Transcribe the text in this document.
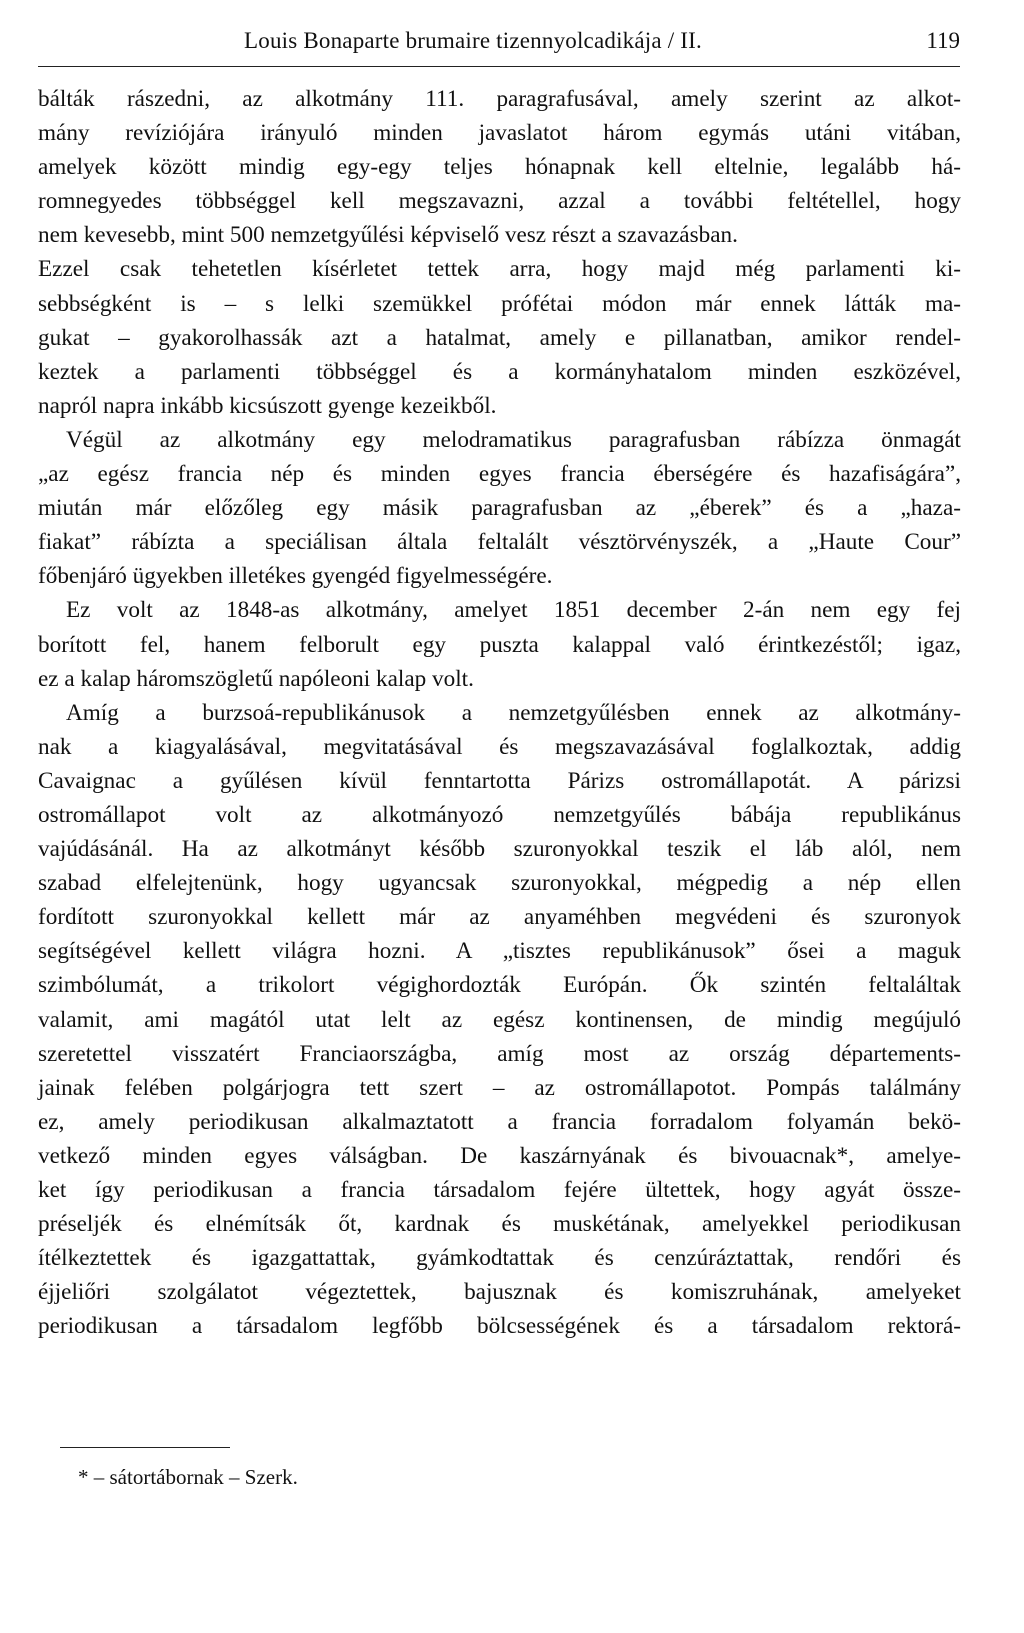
Louis Bonaparte brumaire tizennyolcadikája / II.	119
bálták rászedni, az alkotmány 111. paragrafusával, amely szerint az alkot-
mány revíziójára irányuló minden javaslatot három egymás utáni vitában,
amelyek között mindig egy-egy teljes hónapnak kell eltelnie, legalább há-
romnegyedes többséggel kell megszavazni, azzal a további feltétellel, hogy
nem kevesebb, mint 500 nemzetgyűlési képviselő vesz részt a szavazásban.
Ezzel csak tehetetlen kísérletet tettek arra, hogy majd még parlamenti ki-
sebbségként is – s lelki szemükkel prófétai módon már ennek látták ma-
gukat – gyakorolhassák azt a hatalmat, amely e pillanatban, amikor rendel-
keztek a parlamenti többséggel és a kormányhatalom minden eszközével,
napról napra inkább kicsúszott gyenge kezeikből.
Végül az alkotmány egy melodramatikus paragrafusban rábízza önmagát
„az egész francia nép és minden egyes francia éberségére és hazafiságára”,
miután már előzőleg egy másik paragrafusban az „éberek” és a „haza-
fiakat” rábízta a speciálisan általa feltalált vésztörvényszék, a „Haute Cour”
főbenjáró ügyekben illetékes gyengéd figyelmességére.
Ez volt az 1848-as alkotmány, amelyet 1851 december 2-án nem egy fej
borított fel, hanem felborult egy puszta kalappal való érintkezéstől; igaz,
ez a kalap háromszögletű napóleoni kalap volt.
Amíg a burzsoá-republikánusok a nemzetgyűlésben ennek az alkotmány-
nak a kiagyalásával, megvitatásával és megszavazásával foglalkoztak, addig
Cavaignac a gyűlésen kívül fenntartotta Párizs ostromállapotát. A párizsi
ostromállapot volt az alkotmányozó nemzetgyűlés bábája republikánus
vajúdásánál. Ha az alkotmányt később szuronyokkal teszik el láb alól, nem
szabad elfelejtenünk, hogy ugyancsak szuronyokkal, mégpedig a nép ellen
fordított szuronyokkal kellett már az anyaméhben megvédeni és szuronyok
segítségével kellett világra hozni. A „tisztes republikánusok” ősei a maguk
szimbólumát, a trikolort végighordozták Európán. Ők szintén feltaláltak
valamit, ami magától utat lelt az egész kontinensen, de mindig megújuló
szeretettel visszatért Franciaországba, amíg most az ország départements-
jainak felében polgárjogra tett szert – az ostromállapotot. Pompás találmány
ez, amely periodikusan alkalmaztatott a francia forradalom folyamán bekö-
vetkező minden egyes válságban. De kaszárnyának és bivouacnak*, amelye-
ket így periodikusan a francia társadalom fejére ültettek, hogy agyát össze-
préseljék és elnémítsák őt, kardnak és muskétának, amelyekkel periodikusan
ítélkeztettek és igazgattattak, gyámkodtattak és cenzúráztattak, rendőri és
éjjeliőri szolgálatot végeztettek, bajusznak és komiszruhának, amelyeket
periodikusan a társadalom legfőbb bölcsességének és a társadalom rektorá-
* – sátortábornak – Szerk.
